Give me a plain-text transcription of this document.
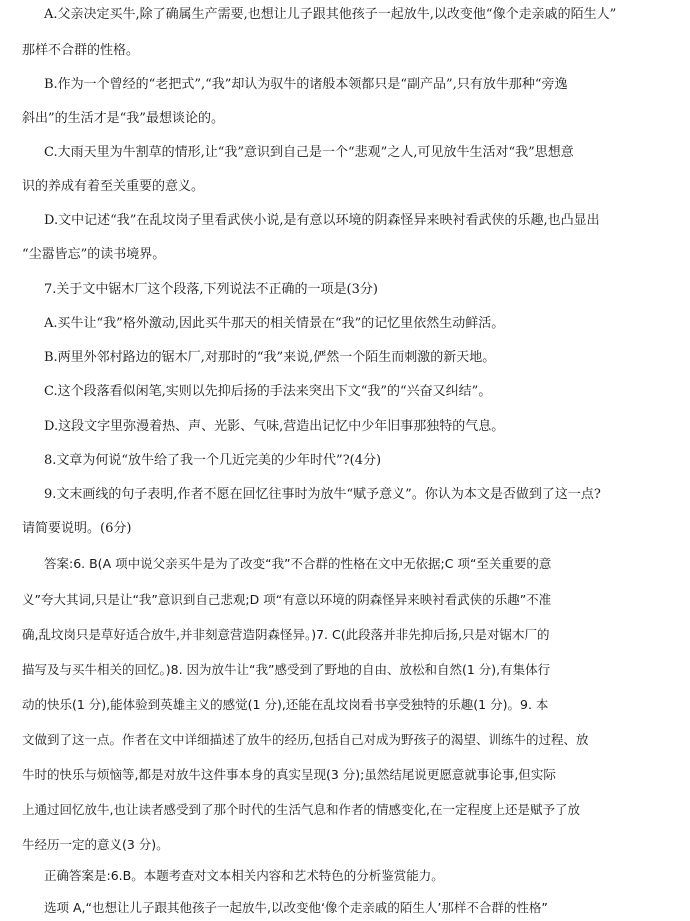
A.父亲决定买牛,除了确属生产需要,也想让儿子跟其他孩子一起放牛,以改变他“像个走亲戚的陌生人”
那样不合群的性格。
B.作为一个曾经的“老把式”,“我”却认为驭牛的诸般本领都只是“副产品”,只有放牛那种“旁逸
斜出”的生活才是“我”最想谈论的。
C.大雨天里为牛割草的情形,让“我”意识到自己是一个“悲观”之人,可见放牛生活对“我”思想意
识的养成有着至关重要的意义。
D.文中记述“我”在乱坟岗子里看武侠小说,是有意以环境的阴森怪异来映衬看武侠的乐趣,也凸显出
“尘嚣皆忘”的读书境界。
7.关于文中锯木厂这个段落,下列说法不正确的一项是(3分)
A.买牛让“我”格外激动,因此买牛那天的相关情景在“我”的记忆里依然生动鲜活。
B.两里外邻村路边的锯木厂,对那时的“我”来说,俨然一个陌生而刺激的新天地。
C.这个段落看似闲笔,实则以先抑后扬的手法来突出下文“我”的“兴奋又纠结”。
D.这段文字里弥漫着热、声、光影、气味,营造出记忆中少年旧事那独特的气息。
8.文章为何说“放牛给了我一个几近完美的少年时代”?(4分)
9.文末画线的句子表明,作者不愿在回忆往事时为放牛“赋予意义”。你认为本文是否做到了这一点?
请简要说明。(6分)
答案:6. B(A 项中说父亲买牛是为了改变“我”不合群的性格在文中无依据;C 项“至关重要的意
义”夸大其词,只是让“我”意识到自己悲观;D 项“有意以环境的阴森怪异来映衬看武侠的乐趣”不准
确,乱坟岗只是草好适合放牛,并非刻意营造阴森怪异。)7. C(此段落并非先抑后扬,只是对锯木厂的
描写及与买牛相关的回忆。)8. 因为放牛让“我”感受到了野地的自由、放松和自然(1 分),有集体行
动的快乐(1 分),能体验到英雄主义的感觉(1 分),还能在乱坟岗看书享受独特的乐趣(1 分)。9. 本
文做到了这一点。作者在文中详细描述了放牛的经历,包括自己对成为野孩子的渴望、训练牛的过程、放
牛时的快乐与烦恼等,都是对放牛这件事本身的真实呈现(3 分);虽然结尾说更愿意就事论事,但实际
上通过回忆放牛,也让读者感受到了那个时代的生活气息和作者的情感变化,在一定程度上还是赋予了放
牛经历一定的意义(3 分)。
正确答案是:6.B。本题考查对文本相关内容和艺术特色的分析鉴赏能力。
选项 A,“也想让儿子跟其他孩子一起放牛,以改变他‘像个走亲戚的陌生人’那样不合群的性格”
